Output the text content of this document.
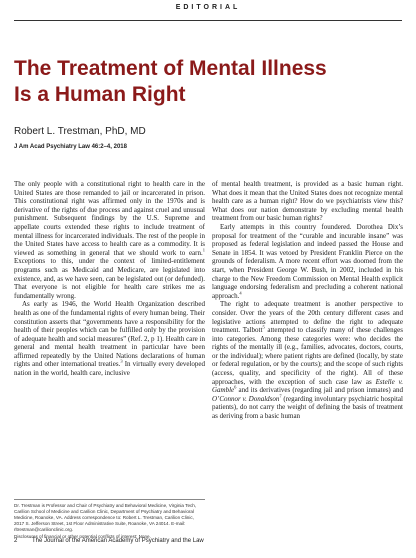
EDITORIAL
The Treatment of Mental Illness
Is a Human Right
Robert L. Trestman, PhD, MD
J Am Acad Psychiatry Law 46:2–4, 2018

The only people with a constitutional right to health care in the United States are those remanded to jail or incarcerated in prison. This constitutional right was affirmed only in the 1970s and is derivative of the rights of due process and against cruel and unusual punishment. Subsequent findings by the U.S. Supreme and appellate courts extended these rights to include treatment of mental illness for incarcerated individuals. The rest of the people in the United States have access to health care as a commodity. It is viewed as something in general that we should work to earn.$^1$ Exceptions to this, under the context of limited-entitlement programs such as Medicaid and Medicare, are legislated into existence, and, as we have seen, can be legislated out (or defunded). That everyone is not eligible for health care strikes me as fundamentally wrong.

As early as 1946, the World Health Organization described health as one of the fundamental rights of every human being. Their constitution asserts that “governments have a responsibility for the health of their peoples which can be fulfilled only by the provision of adequate health and social measures” (Ref. 2, p 1). Health care in general and mental health treatment in particular have been affirmed repeatedly by the United Nations declarations of human rights and other international treaties.$^3$ In virtually every developed nation in the world, health care, inclusive

of mental health treatment, is provided as a basic human right. What does it mean that the United States does not recognize mental health care as a human right? How do we psychiatrists view this? What does our nation demonstrate by excluding mental health treatment from our basic human rights?

Early attempts in this country foundered. Dorothea Dix’s proposal for treatment of the “curable and incurable insane” was proposed as federal legislation and indeed passed the House and Senate in 1854. It was vetoed by President Franklin Pierce on the grounds of federalism. A more recent effort was doomed from the start, when President George W. Bush, in 2002, included in his charge to the New Freedom Commission on Mental Health explicit language endorsing federalism and precluding a coherent national approach.$^4$

The right to adequate treatment is another perspective to consider. Over the years of the 20th century different cases and legislative actions attempted to define the right to adequate treatment. Talbott$^5$ attempted to classify many of these challenges into categories. Among these categories were: who decides the rights of the mentally ill (e.g., families, advocates, doctors, courts, or the individual); where patient rights are defined (locally, by state or federal regulation, or by the courts); and the scope of such rights (access, quality, and specificity of the right). All of these approaches, with the exception of such case law as Estelle v. Gamble$^6$ and its derivatives (regarding jail and prison inmates) and O’Connor v. Donaldson$^7$ (regarding involuntary psychiatric hospital patients), do not carry the weight of defining the basis of treatment as deriving from a basic human

Dr. Trestman is Professor and Chair of Psychiatry and Behavioral Medicine, Virginia Tech, Carilion School of Medicine and Carilion Clinic, Department of Psychiatry and Behavioral Medicine, Roanoke, VA. Address correspondence to: Robert L. Trestman, Carilion Clinic, 2017 S. Jefferson Street, 1st Floor Administrative Suite, Roanoke, VA 24014. E-mail: rltrestman@carilionclinic.org.

Disclosures of financial or other potential conflicts of interest: None.

2 The Journal of the American Academy of Psychiatry and the Law
